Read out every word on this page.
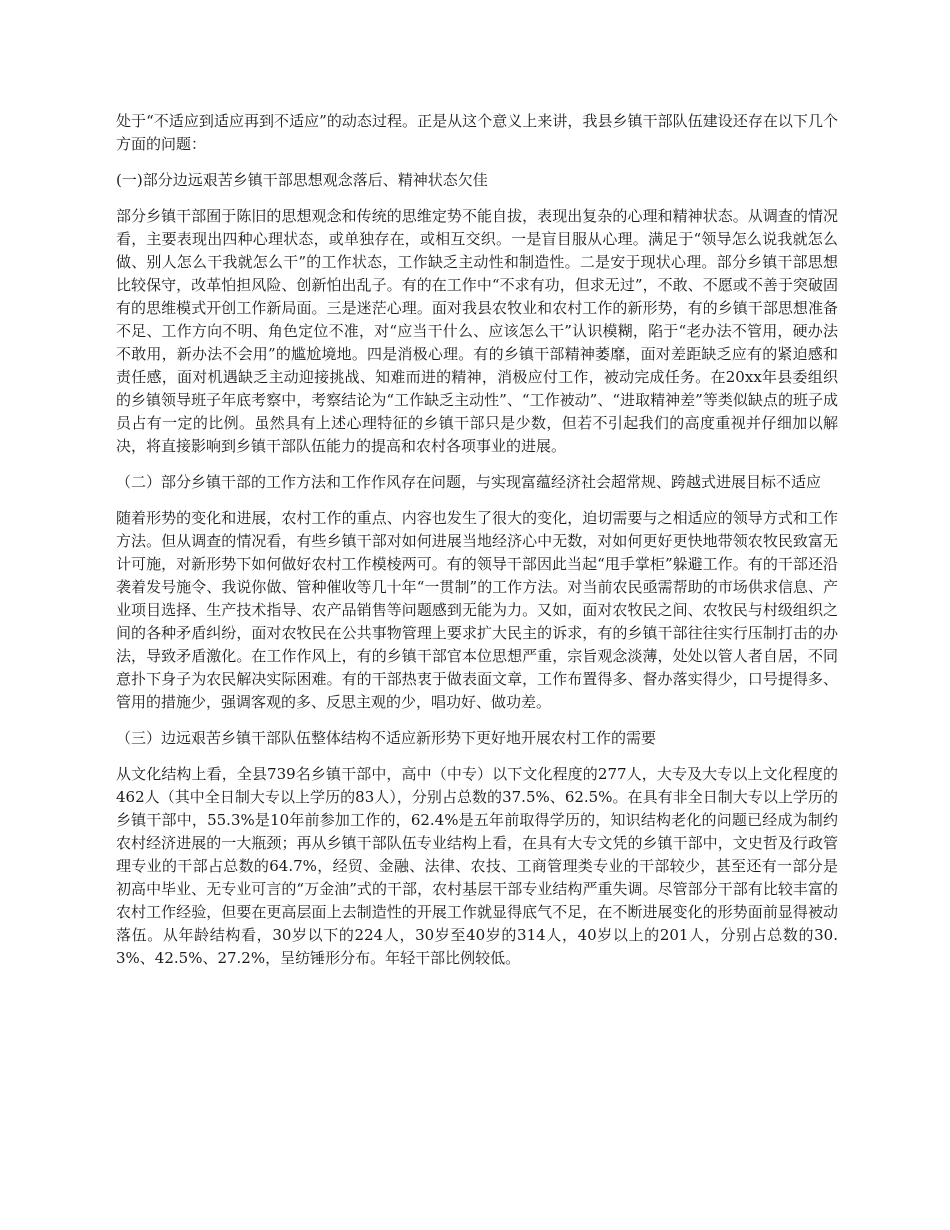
处于“不适应到适应再到不适应”的动态过程。正是从这个意义上来讲，我县乡镇干部队伍建设还存在以下几个方面的问题：

(一)部分边远艰苦乡镇干部思想观念落后、精神状态欠佳

部分乡镇干部囿于陈旧的思想观念和传统的思维定势不能自拔，表现出复杂的心理和精神状态。从调查的情况看，主要表现出四种心理状态，或单独存在，或相互交织。一是盲目服从心理。满足于“领导怎么说我就怎么做、别人怎么干我就怎么干”的工作状态，工作缺乏主动性和制造性。二是安于现状心理。部分乡镇干部思想比较保守，改革怕担风险、创新怕出乱子。有的在工作中“不求有功，但求无过”，不敢、不愿或不善于突破固有的思维模式开创工作新局面。三是迷茫心理。面对我县农牧业和农村工作的新形势，有的乡镇干部思想准备不足、工作方向不明、角色定位不准，对“应当干什么、应该怎么干”认识模糊，陷于“老办法不管用，硬办法不敢用，新办法不会用”的尴尬境地。四是消极心理。有的乡镇干部精神萎靡，面对差距缺乏应有的紧迫感和责任感，面对机遇缺乏主动迎接挑战、知难而进的精神，消极应付工作，被动完成任务。在20xx年县委组织的乡镇领导班子年底考察中，考察结论为“工作缺乏主动性”、“工作被动”、“进取精神差”等类似缺点的班子成员占有一定的比例。虽然具有上述心理特征的乡镇干部只是少数，但若不引起我们的高度重视并仔细加以解决，将直接影响到乡镇干部队伍能力的提高和农村各项事业的进展。

（二）部分乡镇干部的工作方法和工作作风存在问题，与实现富蕴经济社会超常规、跨越式进展目标不适应

随着形势的变化和进展，农村工作的重点、内容也发生了很大的变化，迫切需要与之相适应的领导方式和工作方法。但从调查的情况看，有些乡镇干部对如何进展当地经济心中无数，对如何更好更快地带领农牧民致富无计可施，对新形势下如何做好农村工作模棱两可。有的领导干部因此当起“甩手掌柜”躲避工作。有的干部还沿袭着发号施令、我说你做、管种催收等几十年“一贯制”的工作方法。对当前农民亟需帮助的市场供求信息、产业项目选择、生产技术指导、农产品销售等问题感到无能为力。又如，面对农牧民之间、农牧民与村级组织之间的各种矛盾纠纷，面对农牧民在公共事物管理上要求扩大民主的诉求，有的乡镇干部往往实行压制打击的办法，导致矛盾激化。在工作作风上，有的乡镇干部官本位思想严重，宗旨观念淡薄，处处以管人者自居，不同意扑下身子为农民解决实际困难。有的干部热衷于做表面文章，工作布置得多、督办落实得少，口号提得多、管用的措施少，强调客观的多、反思主观的少，唱功好、做功差。

（三）边远艰苦乡镇干部队伍整体结构不适应新形势下更好地开展农村工作的需要

从文化结构上看，全县739名乡镇干部中，高中（中专）以下文化程度的277人，大专及大专以上文化程度的462人（其中全日制大专以上学历的83人），分别占总数的37.5%、62.5%。在具有非全日制大专以上学历的乡镇干部中，55.3%是10年前参加工作的，62.4%是五年前取得学历的，知识结构老化的问题已经成为制约农村经济进展的一大瓶颈；再从乡镇干部队伍专业结构上看，在具有大专文凭的乡镇干部中，文史哲及行政管理专业的干部占总数的64.7%，经贸、金融、法律、农技、工商管理类专业的干部较少，甚至还有一部分是初高中毕业、无专业可言的“万金油”式的干部，农村基层干部专业结构严重失调。尽管部分干部有比较丰富的农村工作经验，但要在更高层面上去制造性的开展工作就显得底气不足，在不断进展变化的形势面前显得被动落伍。从年龄结构看，30岁以下的224人，30岁至40岁的314人，40岁以上的201人，分别占总数的30.3%、42.5%、27.2%，呈纺锤形分布。年轻干部比例较低。
